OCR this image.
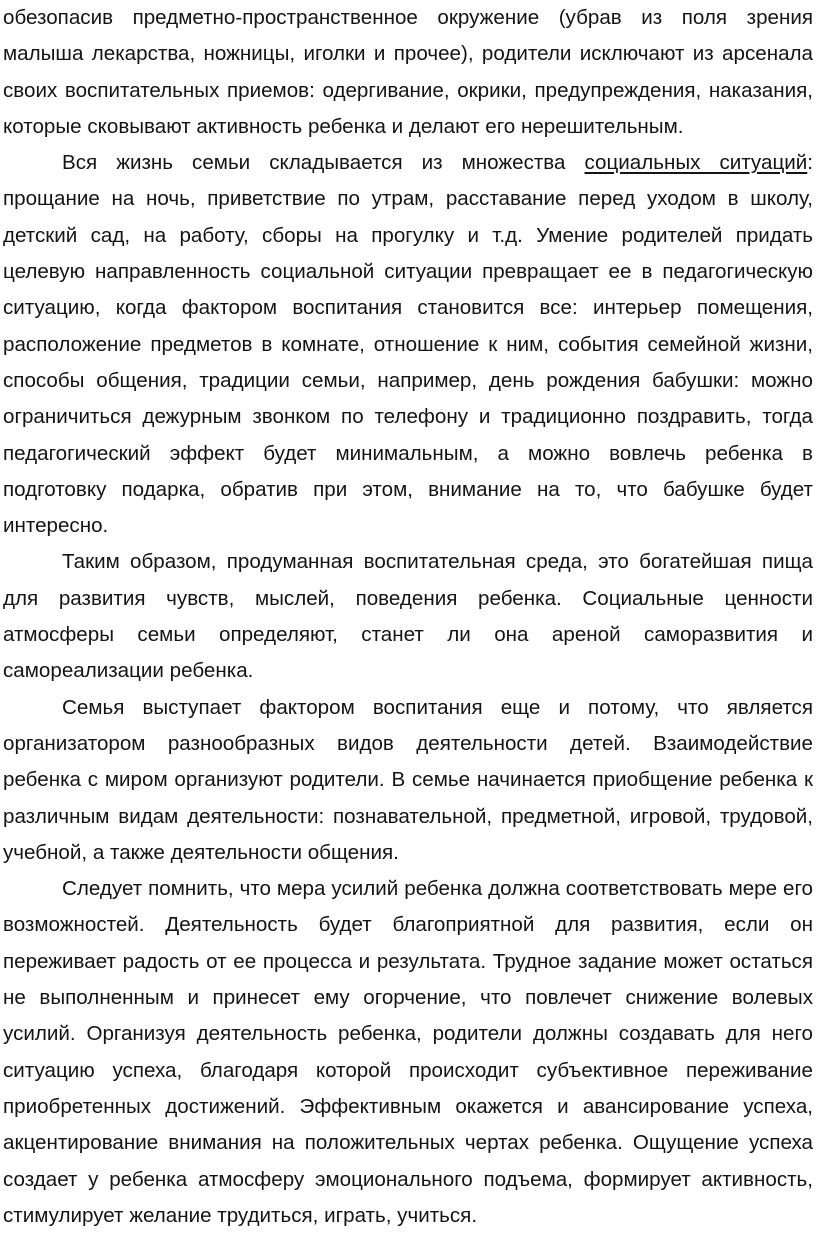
обезопасив предметно-пространственное окружение (убрав из поля зрения малыша лекарства, ножницы, иголки и прочее), родители исключают из арсенала своих воспитательных приемов: одергивание, окрики, предупреждения, наказания, которые сковывают активность ребенка и делают его нерешительным.

Вся жизнь семьи складывается из множества социальных ситуаций: прощание на ночь, приветствие по утрам, расставание перед уходом в школу, детский сад, на работу, сборы на прогулку и т.д. Умение родителей придать целевую направленность социальной ситуации превращает ее в педагогическую ситуацию, когда фактором воспитания становится все: интерьер помещения, расположение предметов в комнате, отношение к ним, события семейной жизни, способы общения, традиции семьи, например, день рождения бабушки: можно ограничиться дежурным звонком по телефону и традиционно поздравить, тогда педагогический эффект будет минимальным, а можно вовлечь ребенка в подготовку подарка, обратив при этом, внимание на то, что бабушке будет интересно.

Таким образом, продуманная воспитательная среда, это богатейшая пища для развития чувств, мыслей, поведения ребенка. Социальные ценности атмосферы семьи определяют, станет ли она ареной саморазвития и самореализации ребенка.

Семья выступает фактором воспитания еще и потому, что является организатором разнообразных видов деятельности детей. Взаимодействие ребенка с миром организуют родители. В семье начинается приобщение ребенка к различным видам деятельности: познавательной, предметной, игровой, трудовой, учебной, а также деятельности общения.

Следует помнить, что мера усилий ребенка должна соответствовать мере его возможностей. Деятельность будет благоприятной для развития, если он переживает радость от ее процесса и результата. Трудное задание может остаться не выполненным и принесет ему огорчение, что повлечет снижение волевых усилий. Организуя деятельность ребенка, родители должны создавать для него ситуацию успеха, благодаря которой происходит субъективное переживание приобретенных достижений. Эффективным окажется и авансирование успеха, акцентирование внимания на положительных чертах ребенка. Ощущение успеха создает у ребенка атмосферу эмоционального подъема, формирует активность, стимулирует желание трудиться, играть, учиться.
